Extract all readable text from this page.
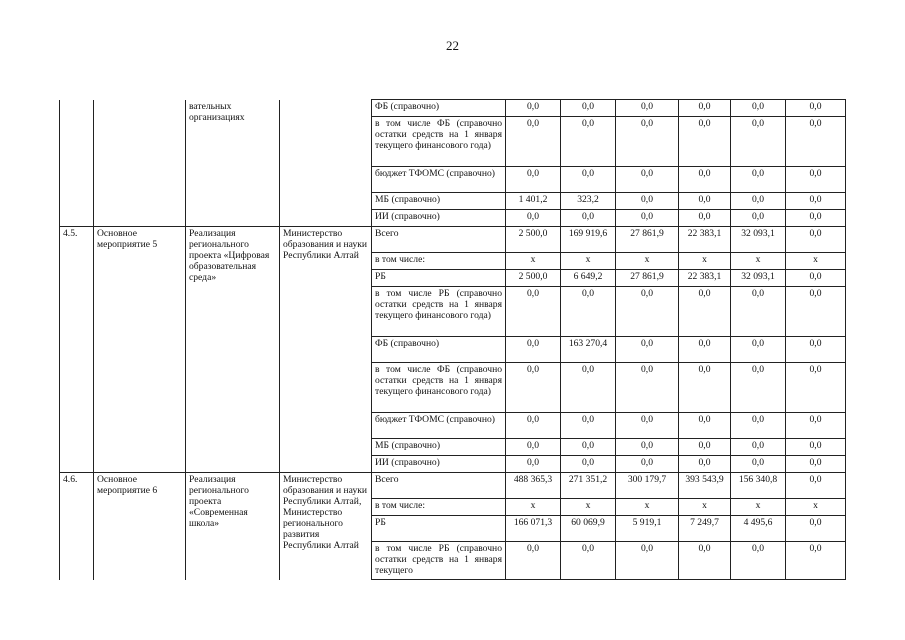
22
		вательных организациях		ФБ (справочно)	0,0	0,0	0,0	0,0	0,0	0,0
				в том числе ФБ (справочно остатки средств на 1 января текущего финансового года)	0,0	0,0	0,0	0,0	0,0	0,0
				бюджет ТФОМС (справочно)	0,0	0,0	0,0	0,0	0,0	0,0
				МБ (справочно)	1 401,2	323,2	0,0	0,0	0,0	0,0
				ИИ (справочно)	0,0	0,0	0,0	0,0	0,0	0,0
4.5.	Основное мероприятие 5	Реализация регионального проекта «Цифровая образовательная среда»	Министерство образования и науки Республики Алтай	Всего	2 500,0	169 919,6	27 861,9	22 383,1	32 093,1	0,0
				в том числе:	х	х	х	х	х	х
				РБ	2 500,0	6 649,2	27 861,9	22 383,1	32 093,1	0,0
				в том числе РБ (справочно остатки средств на 1 января текущего финансового года)	0,0	0,0	0,0	0,0	0,0	0,0
				ФБ (справочно)	0,0	163 270,4	0,0	0,0	0,0	0,0
				в том числе ФБ (справочно остатки средств на 1 января текущего финансового года)	0,0	0,0	0,0	0,0	0,0	0,0
				бюджет ТФОМС (справочно)	0,0	0,0	0,0	0,0	0,0	0,0
				МБ (справочно)	0,0	0,0	0,0	0,0	0,0	0,0
				ИИ (справочно)	0,0	0,0	0,0	0,0	0,0	0,0
4.6.	Основное мероприятие 6	Реализация регионального проекта «Современная школа»	Министерство образования и науки Республики Алтай, Министерство регионального развития Республики Алтай	Всего	488 365,3	271 351,2	300 179,7	393 543,9	156 340,8	0,0
				в том числе:	х	х	х	х	х	х
				РБ	166 071,3	60 069,9	5 919,1	7 249,7	4 495,6	0,0
				в том числе РБ (справочно остатки средств на 1 января текущего	0,0	0,0	0,0	0,0	0,0	0,0
